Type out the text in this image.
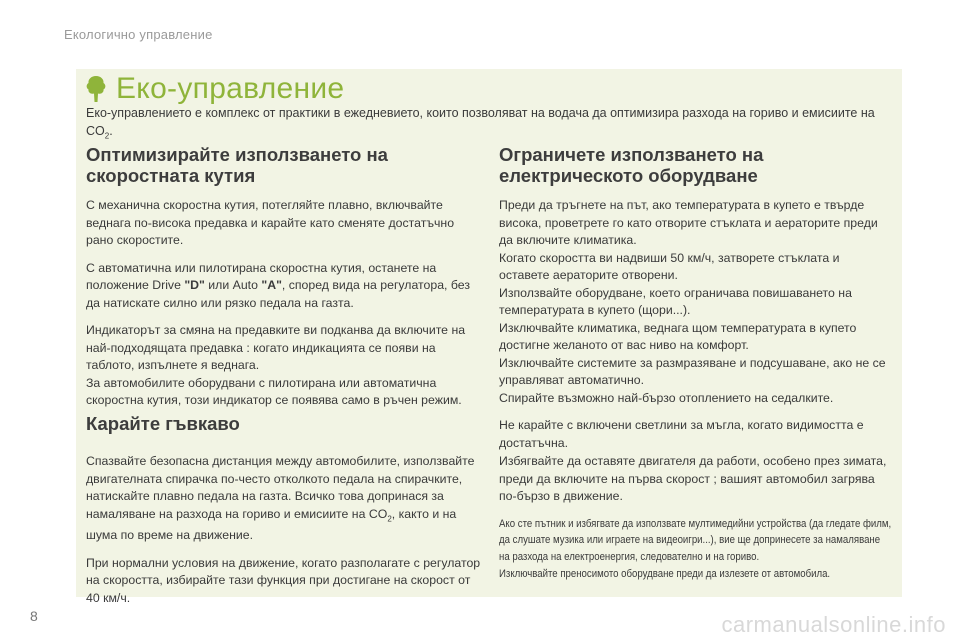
Екологично управление
Еко-управление
Еко-управлението е комплекс от практики в ежедневието, които позволяват на водача да оптимизира разхода на гориво и емисиите на $CO_2$.
Оптимизирайте използването на скоростната кутия

С механична скоростна кутия, потегляйте плавно, включвайте веднага по-висока предавка и карайте като сменяте достатъчно рано скоростите.

С автоматична или пилотирана скоростна кутия, останете на положение Drive "D" или Auto "A", според вида на регулатора, без да натискате силно или рязко педала на газта.

Индикаторът за смяна на предавките ви подканва да включите на най-подходящата предавка : когато индикацията се появи на таблото, изпълнете я веднага.
За автомобилите оборудвани с пилотирана или автоматична скоростна кутия, този индикатор се появява само в ръчен режим.

Карайте гъвкаво

Спазвайте безопасна дистанция между автомобилите, използвайте двигателната спирачка по-често отколкото педала на спирачките, натискайте плавно педала на газта. Всичко това допринася за намаляване на разхода на гориво и емисиите на $CO_2$, както и на шума по време на движение.

При нормални условия на движение, когато разполагате с регулатор на скоростта, избирайте тази функция при достигане на скорост от 40 км/ч.

Ограничете използването на електрическото оборудване

Преди да тръгнете на път, ако температурата в купето е твърде висока, проветрете го като отворите стъклата и аераторите преди да включите климатика.
Когато скоростта ви надвиши 50 км/ч, затворете стъклата и оставете аераторите отворени.
Използвайте оборудване, което ограничава повишаването на температурата в купето (щори...).
Изключвайте климатика, веднага щом температурата в купето достигне желаното от вас ниво на комфорт.
Изключвайте системите за размразяване и подсушаване, ако не се управляват автоматично.
Спирайте възможно най-бързо отоплението на седалките.

Не карайте с включени светлини за мъгла, когато видимостта е достатъчна.

Избягвайте да оставяте двигателя да работи, особено през зимата, преди да включите на първа скорост ; вашият автомобил загрява по-бързо в движение.

Ако сте пътник и избягвате да използвате мултимедийни устройства (да гледате филм, да слушате музика или играете на видеоигри...), вие ще допринесете за намаляване на разхода на електроенергия, следователно и на гориво.
Изключвайте преносимото оборудване преди да излезете от автомобила.

8	carmanualsonline.info
